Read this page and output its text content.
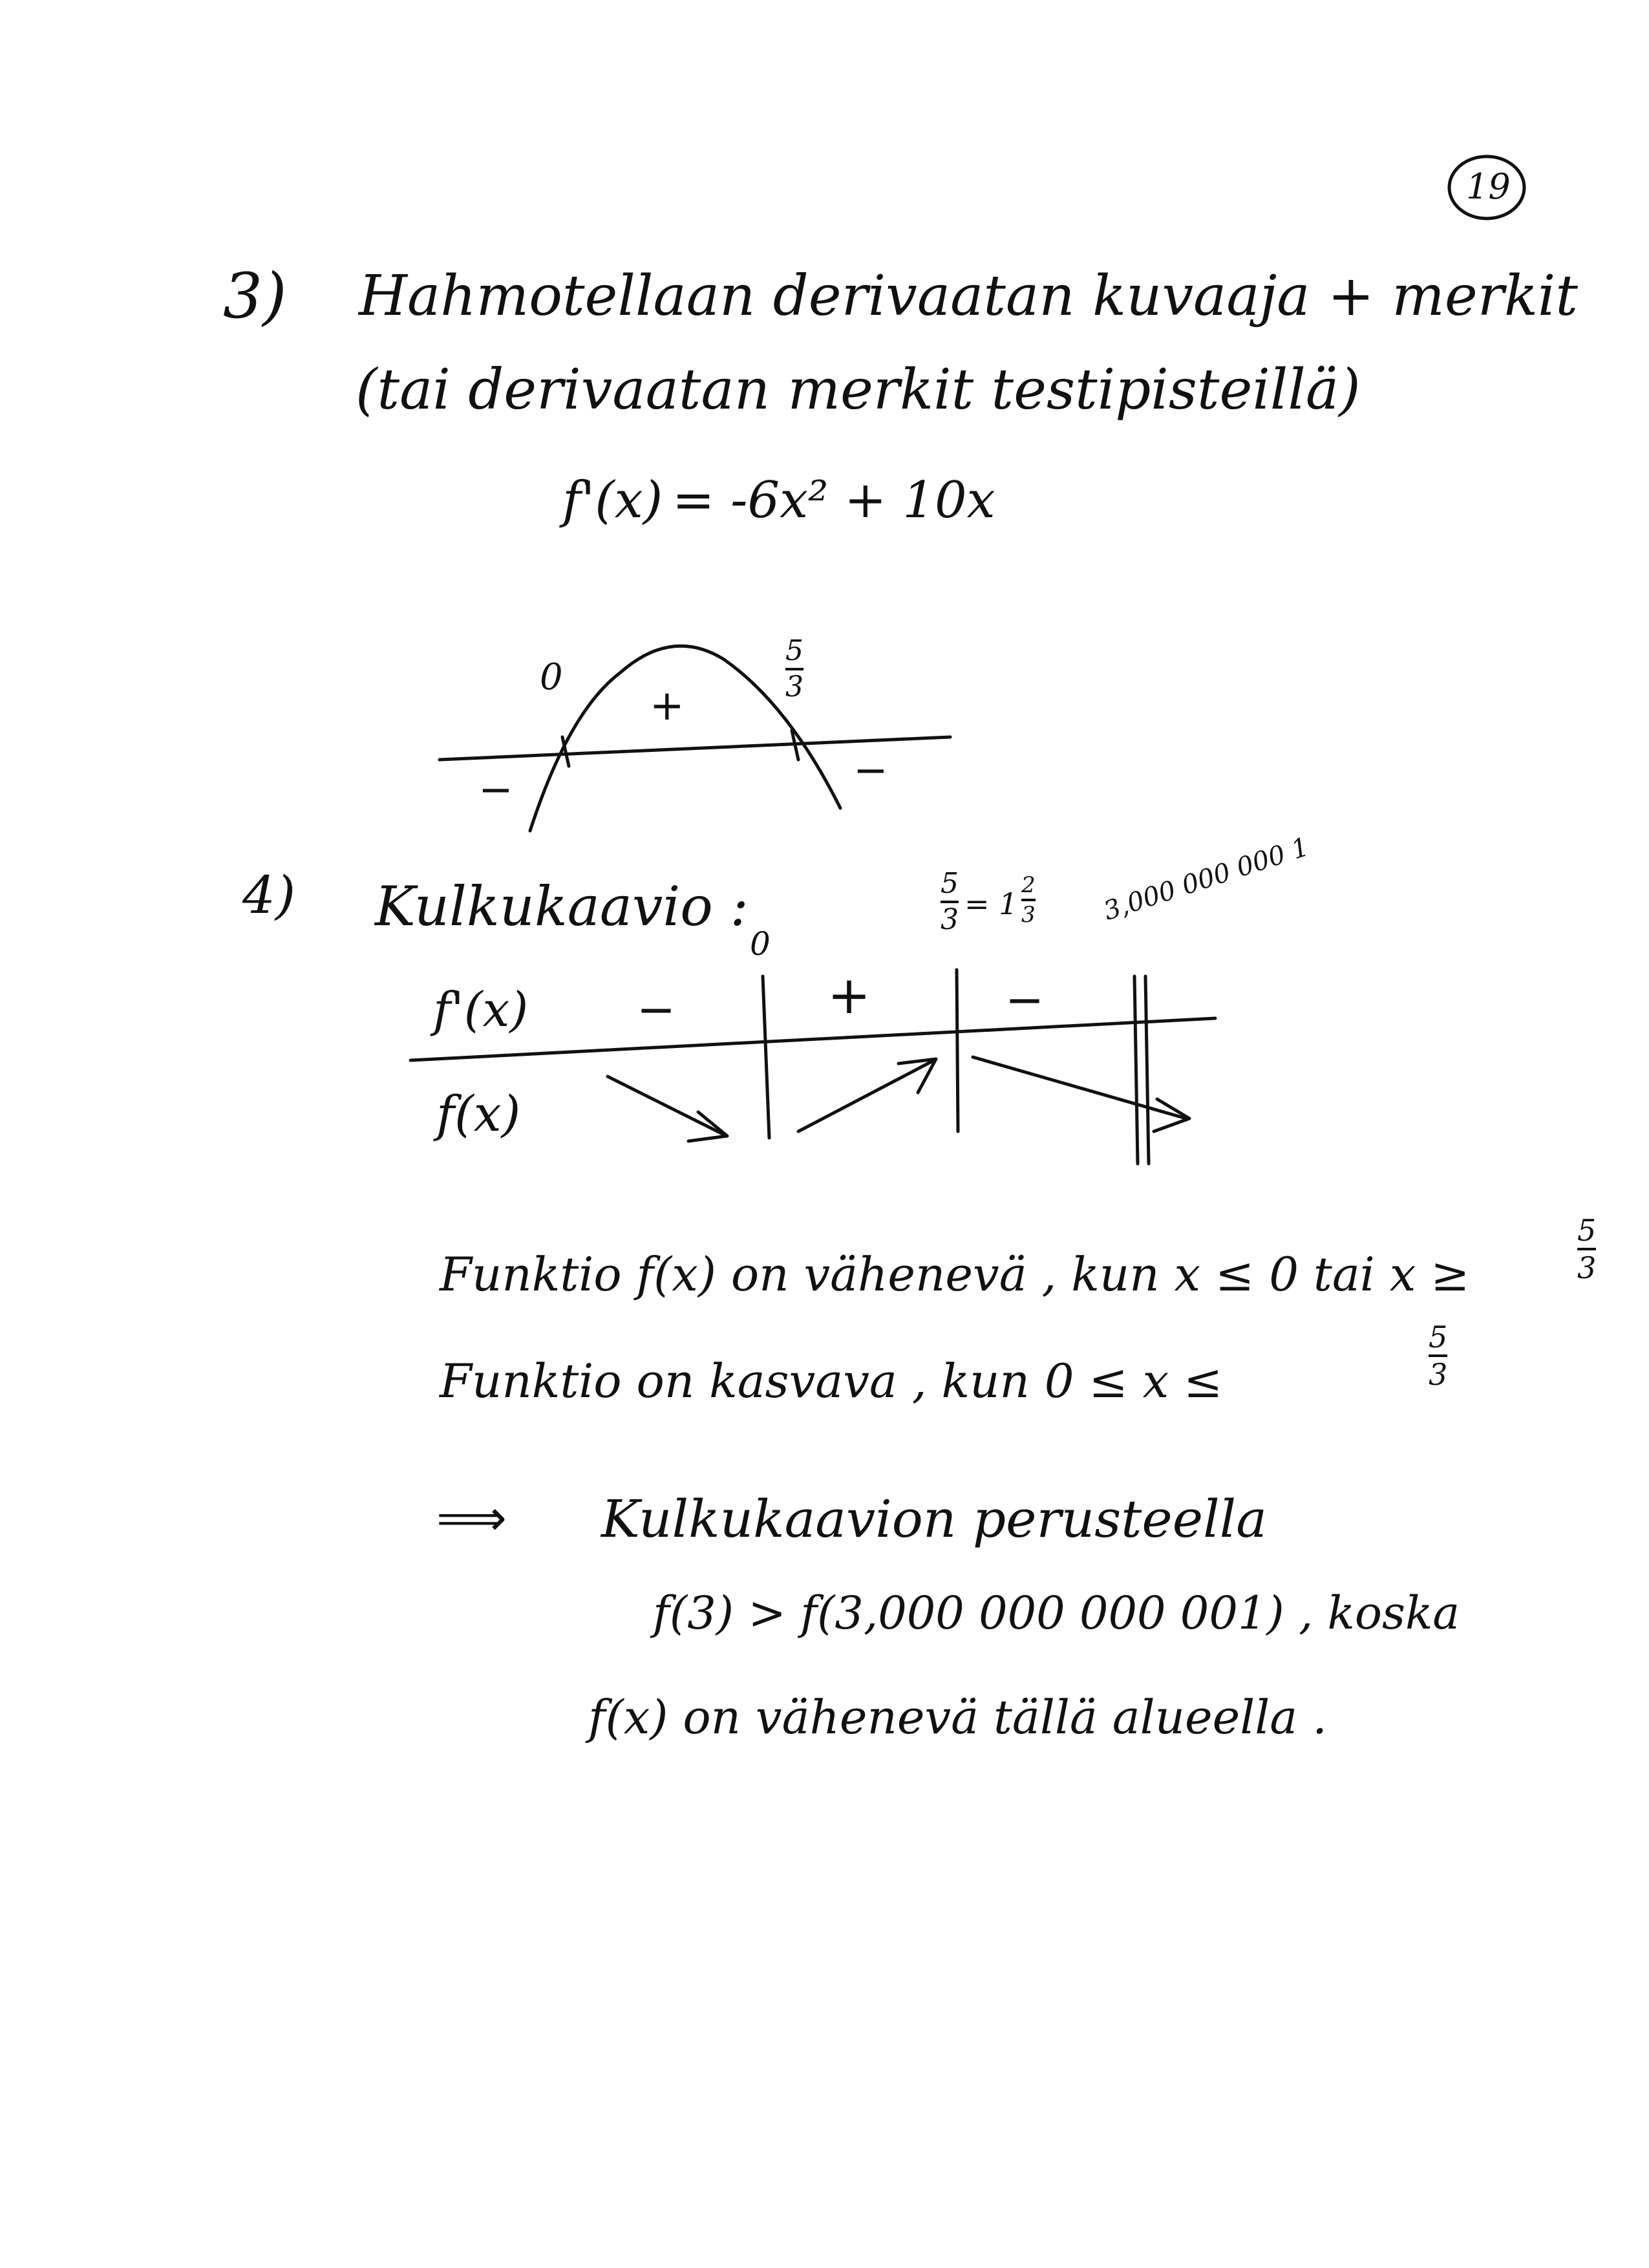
19
3) Hahmotellaan derivaatan kuvaaja + merkit
(tai derivaatan merkit testipisteillä)
f'(x) = -6x² + 10x
0
5
3
+
−	−
4) Kulkukaavio :
0
5
3 = 1
2
3	3,000 000 000 1
f'(x)
f(x)
−	+	−
Funktio f(x) on vähenevä , kun x ≤ 0 tai x ≥
5
3
Funktio on kasvava , kun 0 ≤ x ≤
5
3
⟹ Kulkukaavion perusteella
f(3) > f(3,000 000 000 001) , koska
f(x) on vähenevä tällä alueella .
